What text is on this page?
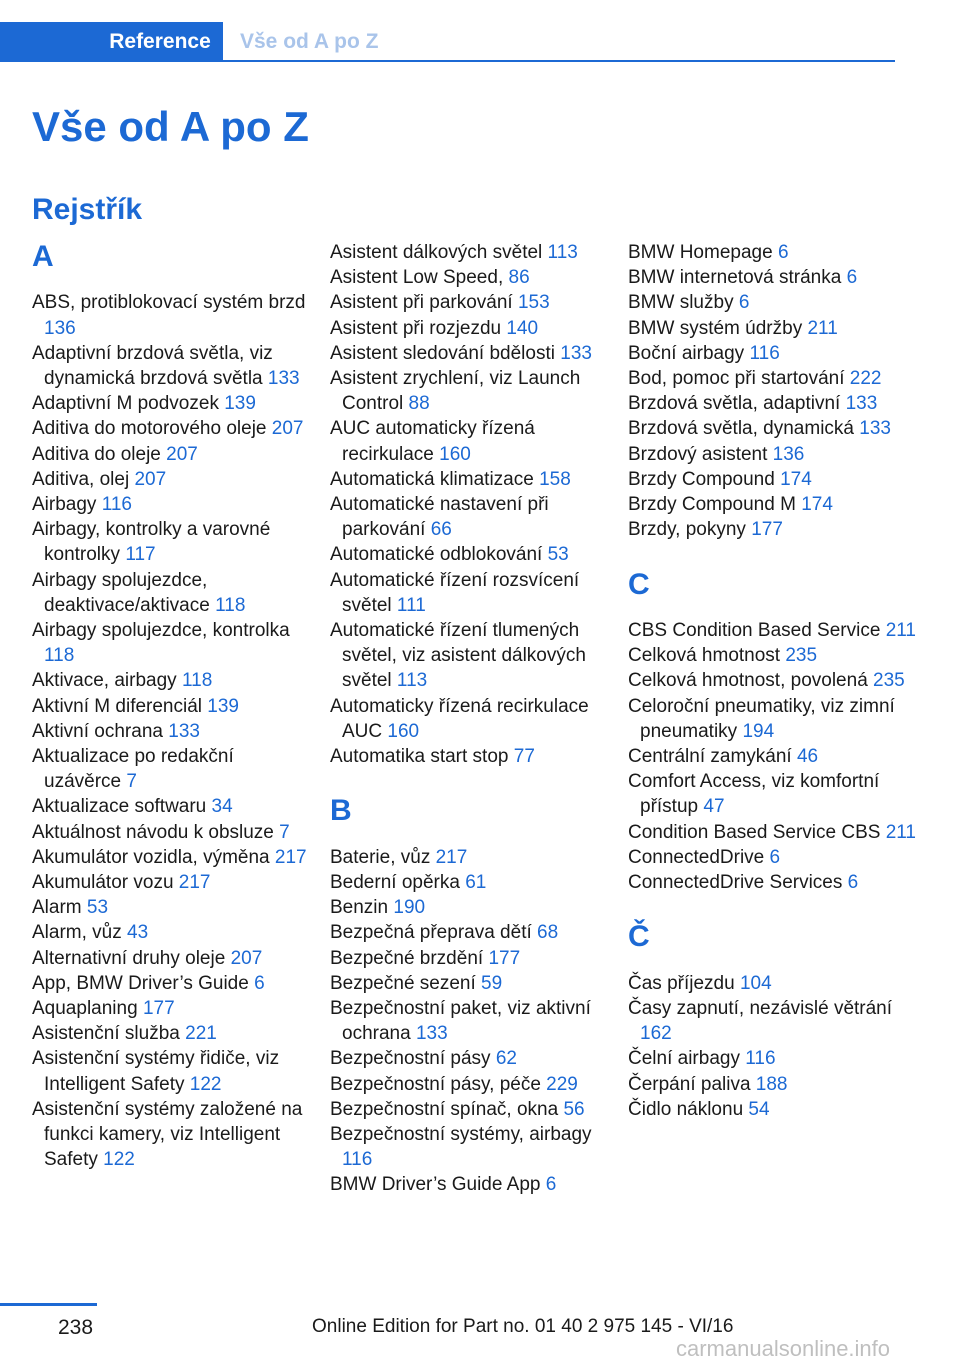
Reference	Vše od A po Z
Vše od A po Z
Rejstřík
A
ABS, protiblokovací systém brzd 136
Adaptivní brzdová světla, viz dynamická brzdová světla 133
Adaptivní M podvozek 139
Aditiva do motorového oleje 207
Aditiva do oleje 207
Aditiva, olej 207
Airbagy 116
Airbagy, kontrolky a varovné kontrolky 117
Airbagy spolujezdce, deaktivace/aktivace 118
Airbagy spolujezdce, kontrolka 118
Aktivace, airbagy 118
Aktivní M diferenciál 139
Aktivní ochrana 133
Aktualizace po redakční uzávěrce 7
Aktualizace softwaru 34
Aktuálnost návodu k obsluze 7
Akumulátor vozidla, výměna 217
Akumulátor vozu 217
Alarm 53
Alarm, vůz 43
Alternativní druhy oleje 207
App, BMW Driver’s Guide 6
Aquaplaning 177
Asistenční služba 221
Asistenční systémy řidiče, viz Intelligent Safety 122
Asistenční systémy založené na funkci kamery, viz Intelligent Safety 122
Asistent dálkových světel 113
Asistent Low Speed, 86
Asistent při parkování 153
Asistent při rozjezdu 140
Asistent sledování bdělosti 133
Asistent zrychlení, viz Launch Control 88
AUC automaticky řízená recirkulace 160
Automatická klimatizace 158
Automatické nastavení při parkování 66
Automatické odblokování 53
Automatické řízení rozsvícení světel 111
Automatické řízení tlumených světel, viz asistent dálkových světel 113
Automaticky řízená recirkulace AUC 160
Automatika start stop 77
B
Baterie, vůz 217
Bederní opěrka 61
Benzin 190
Bezpečná přeprava dětí 68
Bezpečné brzdění 177
Bezpečné sezení 59
Bezpečnostní paket, viz aktivní ochrana 133
Bezpečnostní pásy 62
Bezpečnostní pásy, péče 229
Bezpečnostní spínač, okna 56
Bezpečnostní systémy, airbagy 116
BMW Driver’s Guide App 6
BMW Homepage 6
BMW internetová stránka 6
BMW služby 6
BMW systém údržby 211
Boční airbagy 116
Bod, pomoc při startování 222
Brzdová světla, adaptivní 133
Brzdová světla, dynamická 133
Brzdový asistent 136
Brzdy Compound 174
Brzdy Compound M 174
Brzdy, pokyny 177
C
CBS Condition Based Service 211
Celková hmotnost 235
Celková hmotnost, povolená 235
Celoroční pneumatiky, viz zimní pneumatiky 194
Centrální zamykání 46
Comfort Access, viz komfortní přístup 47
Condition Based Service CBS 211
ConnectedDrive 6
ConnectedDrive Services 6
Č
Čas příjezdu 104
Časy zapnutí, nezávislé větrání 162
Čelní airbagy 116
Čerpání paliva 188
Čidlo náklonu 54
238	Online Edition for Part no. 01 40 2 975 145 - VI/16
carmanualsonline.info
